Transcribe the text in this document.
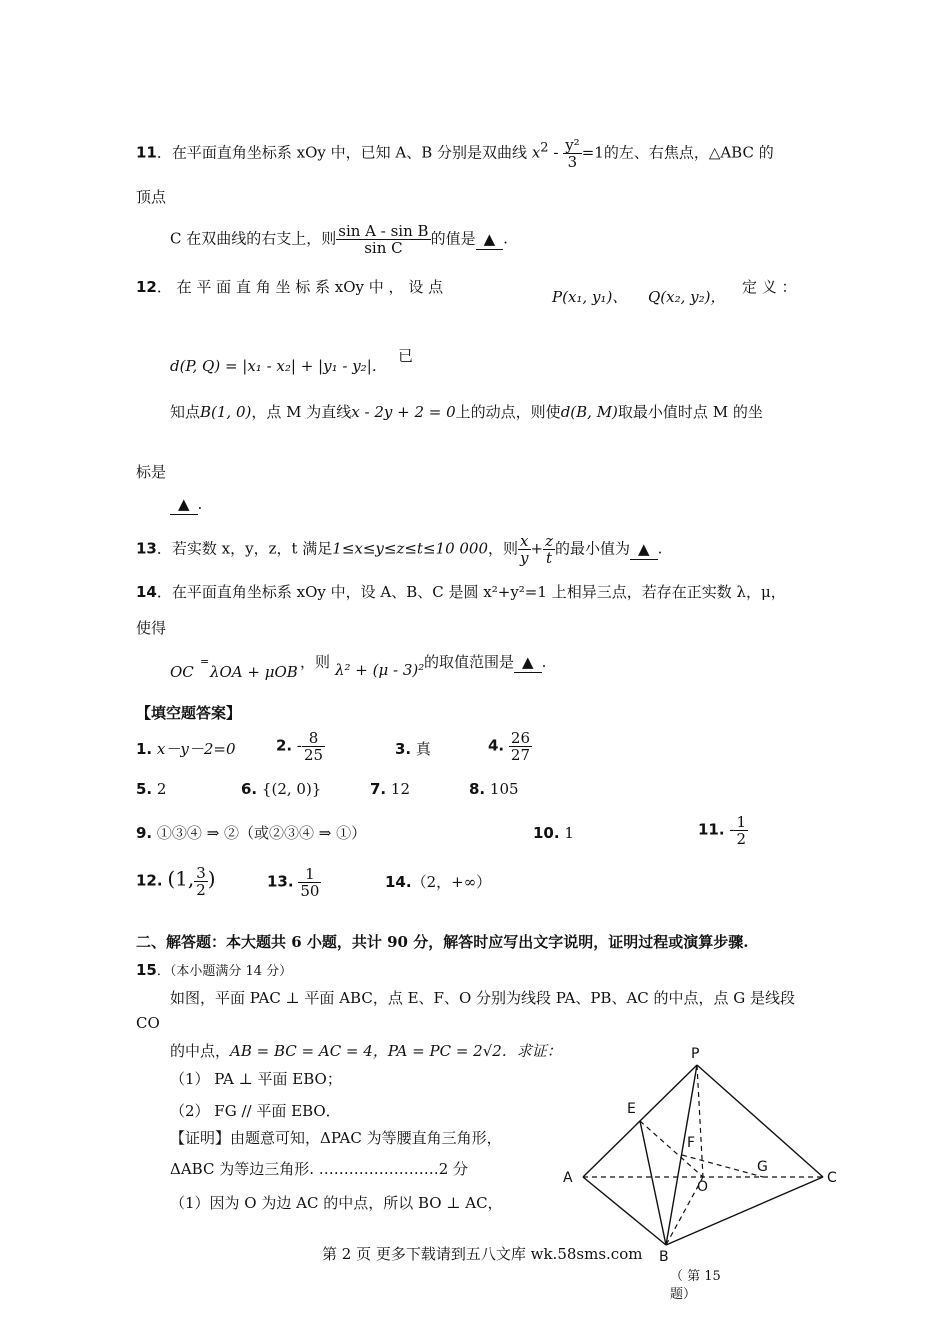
11．在平面直角坐标系 xOy 中，已知 A、B 分别是双曲线 $x^2 - \frac{\text{y²}}{3} =1$的左、右焦点，△ABC 的
顶点
C 在双曲线的右支上，则 $\frac{\text{sin A - sin B}}{\text{sin C}}$ 的值是 ▲ .
12． 在 平 面 直 角 坐 标 系 xOy 中 ， 设 点
P(x₁, y₁)、 Q(x₂, y₂)，
定 义 ：
d(P, Q) = |x₁ - x₂| + |y₁ - y₂|．
已
知点B(1, 0)，点 M 为直线x - 2y + 2 = 0上的动点，则使d(B, M)取最小值时点 M 的坐
标是
▲ .
13．若实数 x，y，z，t 满足1≤x≤y≤z≤t≤10 000，则 $\frac{x}{y} + \frac{z}{t}$ 的最小值为 ▲ .
14．在平面直角坐标系 xOy 中，设 A、B、C 是圆 x²+y²=1 上相异三点，若存在正实数 λ，μ，
使得
OC
=
λOA + μOB
，则 λ² + (μ - 3)² 的取值范围是 ▲ .
【填空题答案】
1. x－y－2=0	2. - $\frac{8}{25}$	3. 真	4. $\frac{26}{27}$
5. 2	6. {(2, 0)}	7. 12	8. 105
9. ①③④ ⇒ ②（或②③④ ⇒ ①）	10. 1	11. - $\frac{1}{2}$
12. (1, $\frac{3}{2}$ )	13. $\frac{1}{50}$	14.（2，+∞）
二、解答题：本大题共 6 小题，共计 90 分，解答时应写出文字说明，证明过程或演算步骤.
15．（本小题满分 14 分）
如图，平面 PAC ⊥ 平面 ABC，点 E、F、O 分别为线段 PA、PB、AC 的中点，点 G 是线段
CO
的中点，AB = BC = AC = 4，PA = PC = 2√2．求证：
（1） PA ⊥ 平面 EBO；
（2） FG // 平面 EBO．
【证明】由题意可知，ΔPAC 为等腰直角三角形，
ΔABC 为等边三角形. ……………………2 分
（1）因为 O 为边 AC 的中点，所以 BO ⊥ AC，
P
E
F
G
A
O
C
B
（ 第 15
题）
第 2 页 更多下载请到五八文库 wk.58sms.com
